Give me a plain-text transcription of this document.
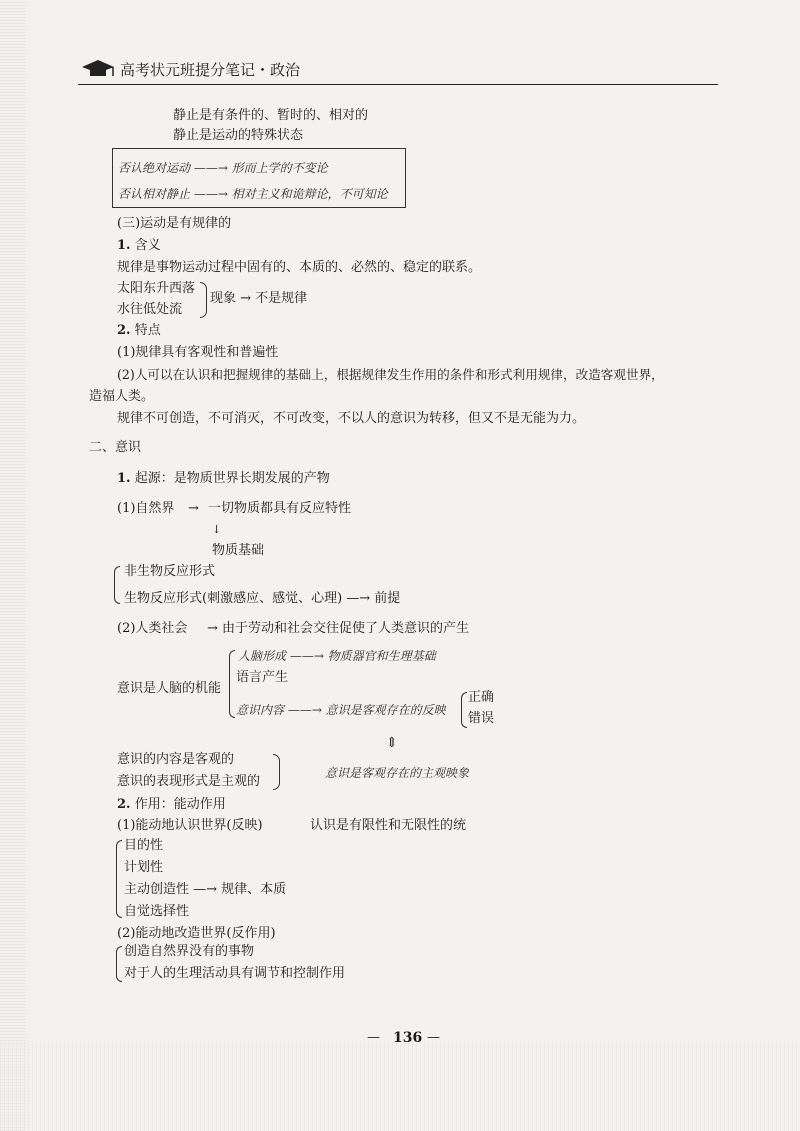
高考状元班提分笔记・政治
静止是有条件的、暂时的、相对的
静止是运动的特殊状态
否认绝对运动 ——→ 形而上学的不变论
否认相对静止 ——→ 相对主义和诡辩论，不可知论
(三)运动是有规律的
1. 含义
规律是事物运动过程中固有的、本质的、必然的、稳定的联系。
太阳东升西落
水往低处流
现象 → 不是规律
2. 特点
(1)规律具有客观性和普遍性
(2)人可以在认识和把握规律的基础上，根据规律发生作用的条件和形式利用规律，改造客观世界，
造福人类。
规律不可创造，不可消灭，不可改变，不以人的意识为转移，但又不是无能为力。
二、意识
1. 起源：是物质世界长期发展的产物
(1)自然界 → 一切物质都具有反应特性
↓
物质基础
非生物反应形式
生物反应形式(刺激感应、感觉、心理) —→ 前提
(2)人类社会 → 由于劳动和社会交往促使了人类意识的产生
人脑形成 ——→ 物质器官和生理基础
语言产生
意识是人脑的机能
意识内容 ——→ 意识是客观存在的反映
正确
错误
⇕
意识的内容是客观的
意识的表现形式是主观的
意识是客观存在的主观映象
2. 作用：能动作用
(1)能动地认识世界(反映)	认识是有限性和无限性的统
目的性
计划性
主动创造性 —→ 规律、本质
自觉选择性
(2)能动地改造世界(反作用)
创造自然界没有的事物
对于人的生理活动具有调节和控制作用
— 136 —
